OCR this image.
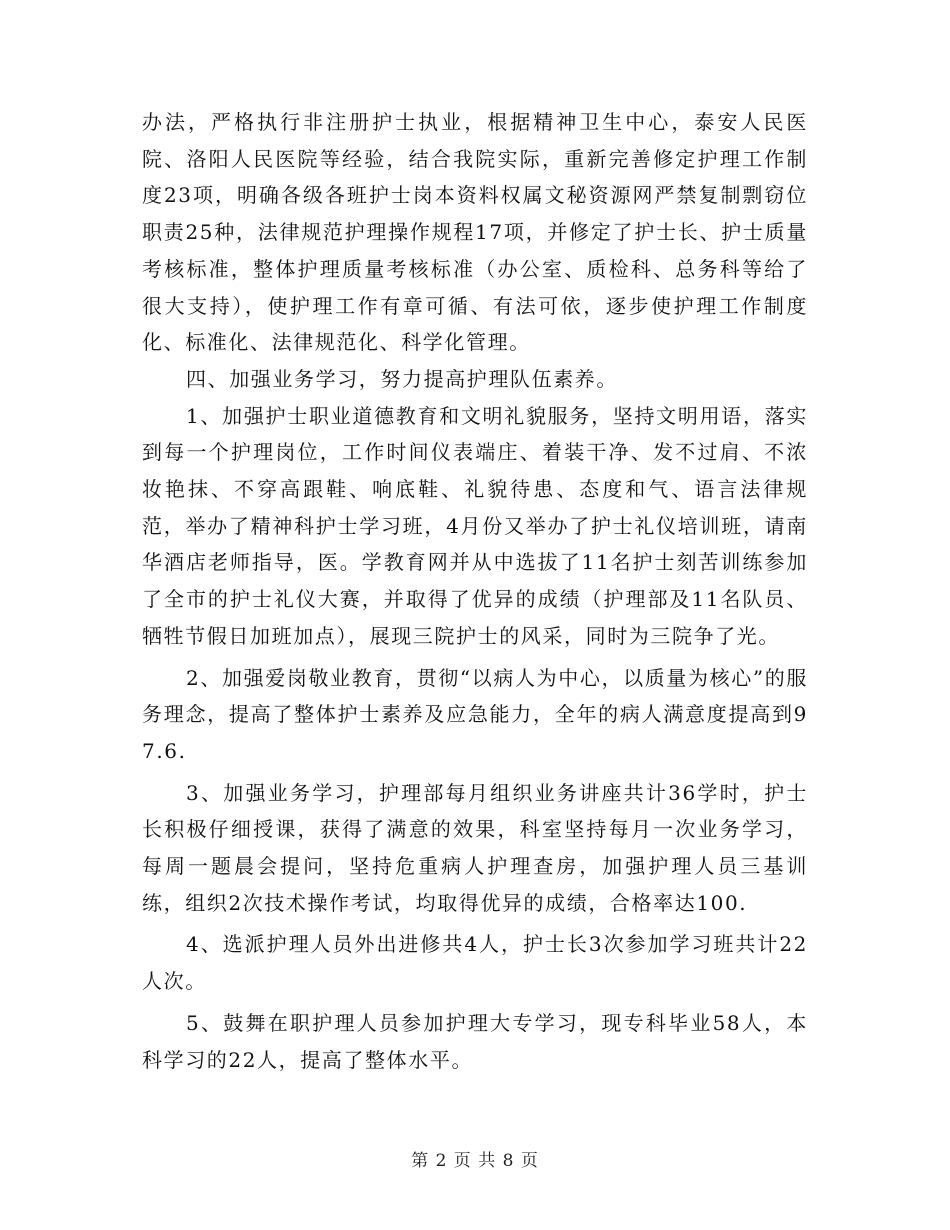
办法，严格执行非注册护士执业，根据精神卫生中心，泰安人民医院、洛阳人民医院等经验，结合我院实际，重新完善修定护理工作制度23项，明确各级各班护士岗本资料权属文秘资源网严禁复制剽窃位职责25种，法律规范护理操作规程17项，并修定了护士长、护士质量考核标准，整体护理质量考核标准（办公室、质检科、总务科等给了很大支持），使护理工作有章可循、有法可依，逐步使护理工作制度化、标准化、法律规范化、科学化管理。

四、加强业务学习，努力提高护理队伍素养。

1、加强护士职业道德教育和文明礼貌服务，坚持文明用语，落实到每一个护理岗位，工作时间仪表端庄、着装干净、发不过肩、不浓妆艳抹、不穿高跟鞋、响底鞋、礼貌待患、态度和气、语言法律规范，举办了精神科护士学习班，4月份又举办了护士礼仪培训班，请南华酒店老师指导，医。学教育网并从中选拔了11名护士刻苦训练参加了全市的护士礼仪大赛，并取得了优异的成绩（护理部及11名队员、牺牲节假日加班加点），展现三院护士的风采，同时为三院争了光。

2、加强爱岗敬业教育，贯彻“以病人为中心，以质量为核心”的服务理念，提高了整体护士素养及应急能力，全年的病人满意度提高到97.6.

3、加强业务学习，护理部每月组织业务讲座共计36学时，护士长积极仔细授课，获得了满意的效果，科室坚持每月一次业务学习，每周一题晨会提问，坚持危重病人护理查房，加强护理人员三基训练，组织2次技术操作考试，均取得优异的成绩，合格率达100.

4、选派护理人员外出进修共4人，护士长3次参加学习班共计22人次。

5、鼓舞在职护理人员参加护理大专学习，现专科毕业58人，本科学习的22人，提高了整体水平。

第 2 页 共 8 页
